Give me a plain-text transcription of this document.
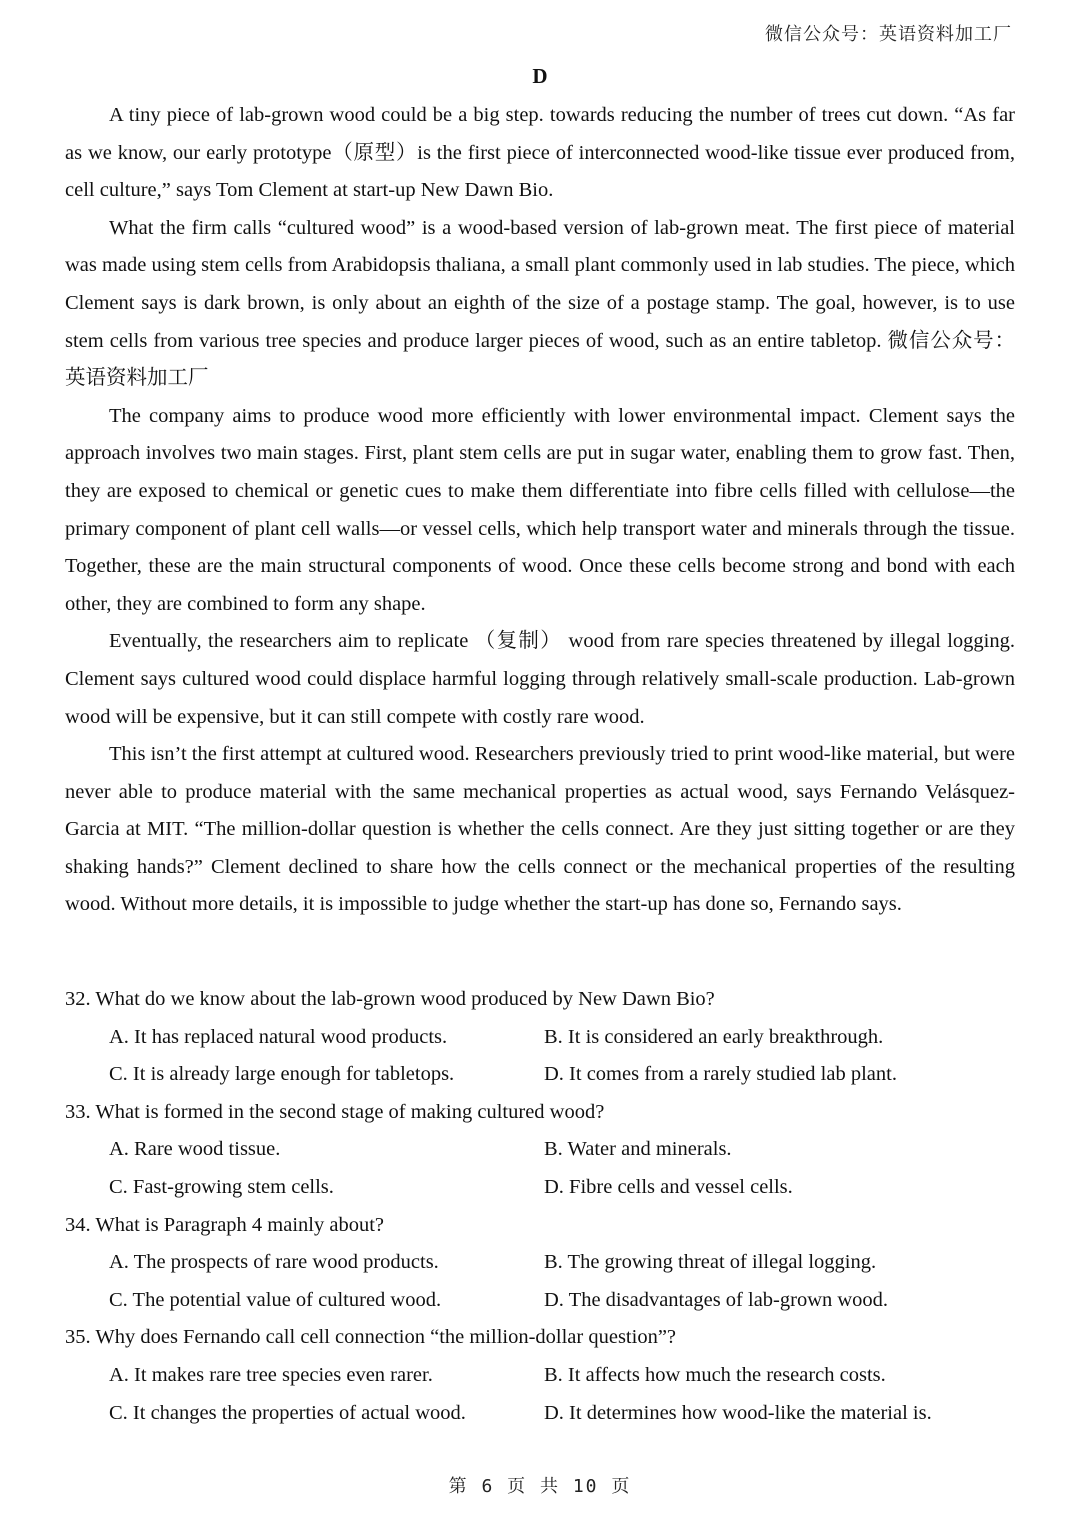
微信公众号：英语资料加工厂
D

A tiny piece of lab-grown wood could be a big step. towards reducing the number of trees cut down. “As far as we know, our early prototype（原型）is the first piece of interconnected wood-like tissue ever produced from, cell culture,” says Tom Clement at start-up New Dawn Bio.

What the firm calls “cultured wood” is a wood-based version of lab-grown meat. The first piece of material was made using stem cells from Arabidopsis thaliana, a small plant commonly used in lab studies. The piece, which Clement says is dark brown, is only about an eighth of the size of a postage stamp. The goal, however, is to use stem cells from various tree species and produce larger pieces of wood, such as an entire tabletop. 微信公众号：英语资料加工厂

The company aims to produce wood more efficiently with lower environmental impact. Clement says the approach involves two main stages. First, plant stem cells are put in sugar water, enabling them to grow fast. Then, they are exposed to chemical or genetic cues to make them differentiate into fibre cells filled with cellulose—the primary component of plant cell walls—or vessel cells, which help transport water and minerals through the tissue. Together, these are the main structural components of wood. Once these cells become strong and bond with each other, they are combined to form any shape.

Eventually, the researchers aim to replicate （复制） wood from rare species threatened by illegal logging. Clement says cultured wood could displace harmful logging through relatively small-scale production. Lab-grown wood will be expensive, but it can still compete with costly rare wood.

This isn’t the first attempt at cultured wood. Researchers previously tried to print wood-like material, but were never able to produce material with the same mechanical properties as actual wood, says Fernando Velásquez-Garcia at MIT. “The million-dollar question is whether the cells connect. Are they just sitting together or are they shaking hands?” Clement declined to share how the cells connect or the mechanical properties of the resulting wood. Without more details, it is impossible to judge whether the start-up has done so, Fernando says.

32. What do we know about the lab-grown wood produced by New Dawn Bio?

A. It has replaced natural wood products.	B. It is considered an early breakthrough.
C. It is already large enough for tabletops.	D. It comes from a rarely studied lab plant.

33. What is formed in the second stage of making cultured wood?

A. Rare wood tissue.	B. Water and minerals.
C. Fast-growing stem cells.	D. Fibre cells and vessel cells.

34. What is Paragraph 4 mainly about?

A. The prospects of rare wood products.	B. The growing threat of illegal logging.
C. The potential value of cultured wood.	D. The disadvantages of lab-grown wood.

35. Why does Fernando call cell connection “the million-dollar question”?

A. It makes rare tree species even rarer.	B. It affects how much the research costs.
C. It changes the properties of actual wood.	D. It determines how wood-like the material is.
第 6 页 共 10 页
